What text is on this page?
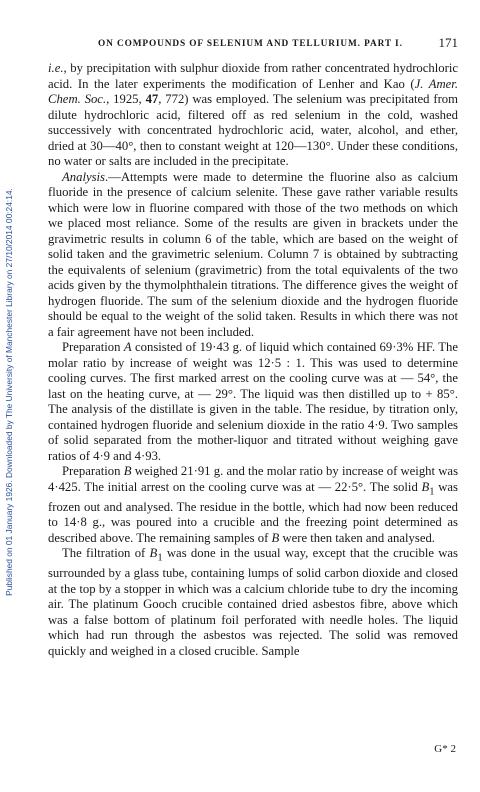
Published on 01 January 1926. Downloaded by The University of Manchester Library on 27/10/2014 00:24:14.
ON COMPOUNDS OF SELENIUM AND TELLURIUM. PART I.	171

i.e., by precipitation with sulphur dioxide from rather concentrated hydrochloric acid. In the later experiments the modification of Lenher and Kao (J. Amer. Chem. Soc., 1925, 47, 772) was employed. The selenium was precipitated from dilute hydrochloric acid, filtered off as red selenium in the cold, washed successively with concentrated hydrochloric acid, water, alcohol, and ether, dried at 30—40°, then to constant weight at 120—130°. Under these conditions, no water or salts are included in the precipitate.

Analysis.—Attempts were made to determine the fluorine also as calcium fluoride in the presence of calcium selenite. These gave rather variable results which were low in fluorine compared with those of the two methods on which we placed most reliance. Some of the results are given in brackets under the gravimetric results in column 6 of the table, which are based on the weight of solid taken and the gravimetric selenium. Column 7 is obtained by subtracting the equivalents of selenium (gravimetric) from the total equivalents of the two acids given by the thymolphthalein titrations. The difference gives the weight of hydrogen fluoride. The sum of the selenium dioxide and the hydrogen fluoride should be equal to the weight of the solid taken. Results in which there was not a fair agreement have not been included.

Preparation A consisted of 19·43 g. of liquid which contained 69·3% HF. The molar ratio by increase of weight was 12·5 : 1. This was used to determine cooling curves. The first marked arrest on the cooling curve was at — 54°, the last on the heating curve, at — 29°. The liquid was then distilled up to + 85°. The analysis of the distillate is given in the table. The residue, by titration only, contained hydrogen fluoride and selenium dioxide in the ratio 4·9. Two samples of solid separated from the mother-liquor and titrated without weighing gave ratios of 4·9 and 4·93.

Preparation B weighed 21·91 g. and the molar ratio by increase of weight was 4·425. The initial arrest on the cooling curve was at — 22·5°. The solid $B_1$ was frozen out and analysed. The residue in the bottle, which had now been reduced to 14·8 g., was poured into a crucible and the freezing point determined as described above. The remaining samples of B were then taken and analysed.

The filtration of $B_1$ was done in the usual way, except that the crucible was surrounded by a glass tube, containing lumps of solid carbon dioxide and closed at the top by a stopper in which was a calcium chloride tube to dry the incoming air. The platinum Gooch crucible contained dried asbestos fibre, above which was a false bottom of platinum foil perforated with needle holes. The liquid which had run through the asbestos was rejected. The solid was removed quickly and weighed in a closed crucible. Sample

G* 2
